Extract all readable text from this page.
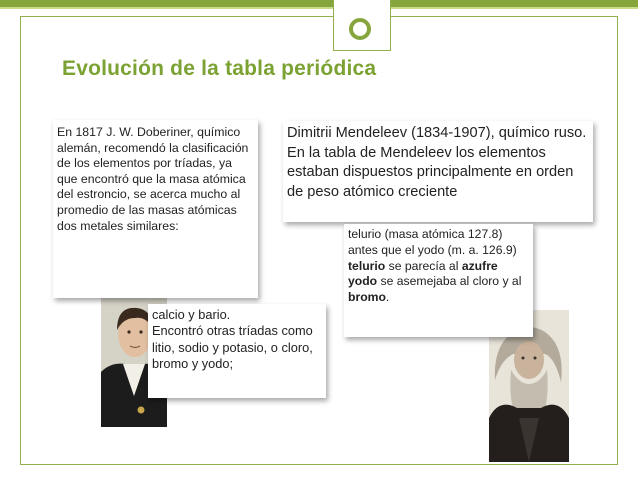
Evolución de la tabla periódica
En 1817 J. W. Doberiner, químico alemán, recomendó la clasificación de los elementos por tríadas, ya que encontró que la masa atómica del estroncio, se acerca mucho al promedio de las masas atómicas dos metales similares:
Dimitrii Mendeleev (1834-1907), químico ruso. En la tabla de Mendeleev los elementos estaban dispuestos principalmente en orden de peso atómico creciente
telurio (masa atómica 127.8) antes que el yodo (m. a. 126.9) telurio se parecía al azufre
yodo se asemejaba al cloro y al bromo.
calcio y bario.
Encontró otras tríadas como litio, sodio y potasio, o cloro, bromo y yodo;
